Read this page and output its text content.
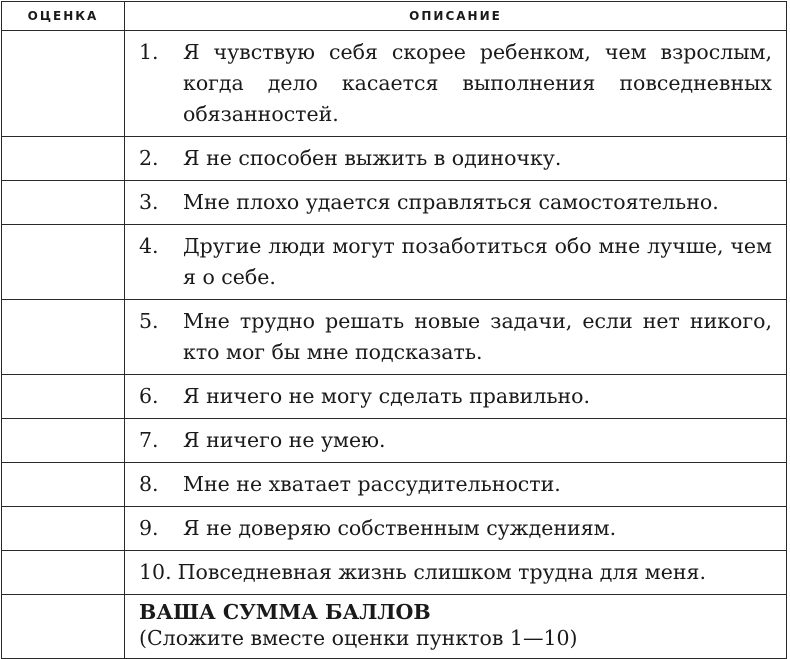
ОЦЕНКА	ОПИСАНИЕ

	1. Я чувствую себя скорее ребенком, чем взрослым, когда дело касается выполнения повседневных обязанностей.

	2. Я не способен выжить в одиночку.

	3. Мне плохо удается справляться самостоятельно.

	4. Другие люди могут позаботиться обо мне лучше, чем я о себе.

	5. Мне трудно решать новые задачи, если нет никого, кто мог бы мне подсказать.

	6. Я ничего не могу сделать правильно.

	7. Я ничего не умею.

	8. Мне не хватает рассудительности.

	9. Я не доверяю собственным суждениям.

	10. Повседневная жизнь слишком трудна для меня.

	ВАША СУММА БАЛЛОВ
(Сложите вместе оценки пунктов 1—10)
